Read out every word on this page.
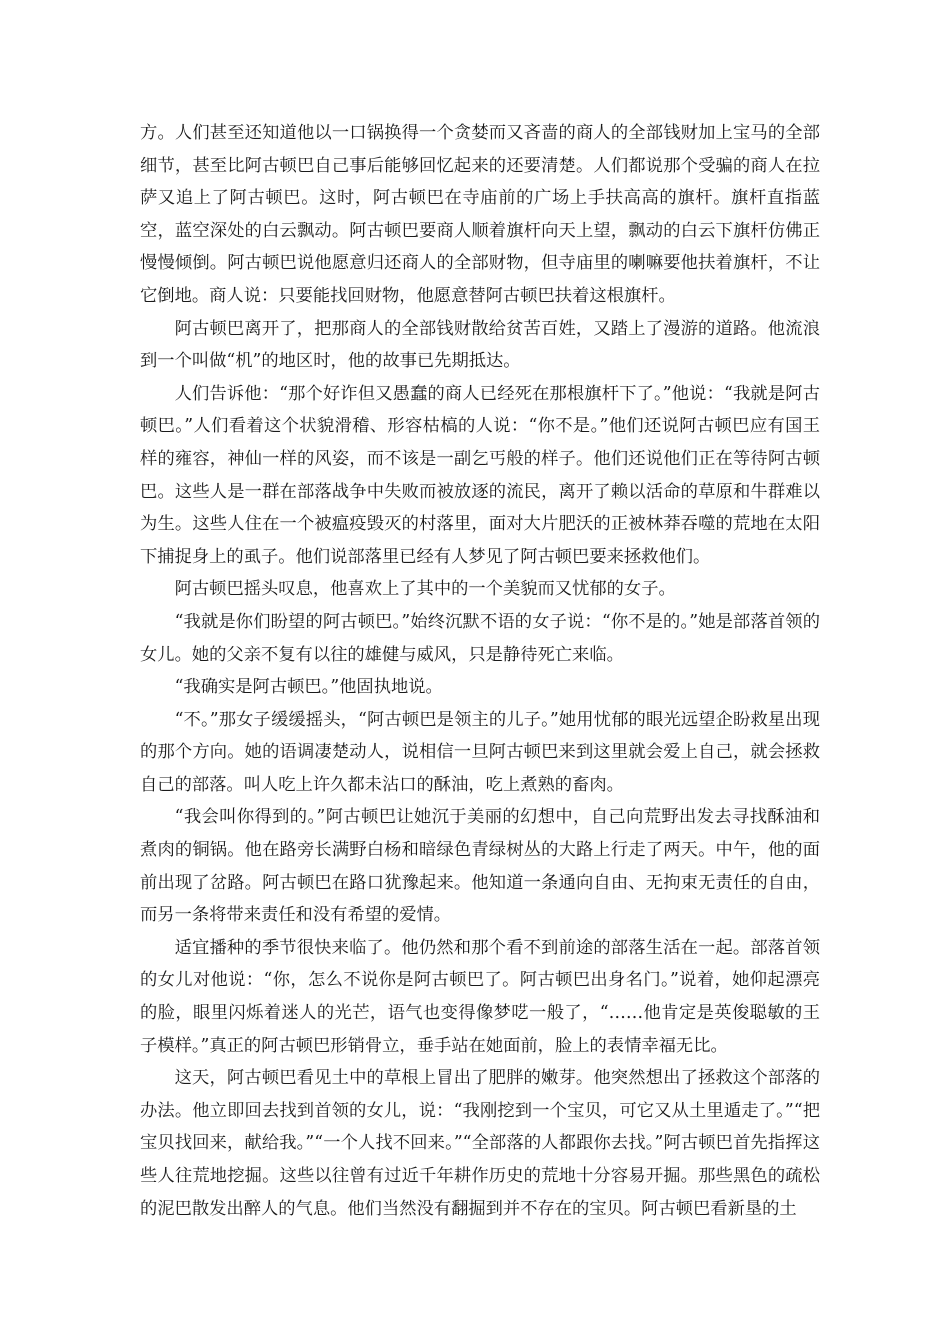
方。人们甚至还知道他以一口锅换得一个贪婪而又吝啬的商人的全部钱财加上宝马的全部细节，甚至比阿古顿巴自己事后能够回忆起来的还要清楚。人们都说那个受骗的商人在拉萨又追上了阿古顿巴。这时，阿古顿巴在寺庙前的广场上手扶高高的旗杆。旗杆直指蓝空，蓝空深处的白云飘动。阿古顿巴要商人顺着旗杆向天上望，飘动的白云下旗杆仿佛正慢慢倾倒。阿古顿巴说他愿意归还商人的全部财物，但寺庙里的喇嘛要他扶着旗杆，不让它倒地。商人说：只要能找回财物，他愿意替阿古顿巴扶着这根旗杆。

阿古顿巴离开了，把那商人的全部钱财散给贫苦百姓，又踏上了漫游的道路。他流浪到一个叫做“机”的地区时，他的故事已先期抵达。

人们告诉他：“那个好诈但又愚蠢的商人已经死在那根旗杆下了。”他说：“我就是阿古顿巴。”人们看着这个状貌滑稽、形容枯槁的人说：“你不是。”他们还说阿古顿巴应有国王样的雍容，神仙一样的风姿，而不该是一副乞丐般的样子。他们还说他们正在等待阿古顿巴。这些人是一群在部落战争中失败而被放逐的流民，离开了赖以活命的草原和牛群难以为生。这些人住在一个被瘟疫毁灭的村落里，面对大片肥沃的正被林莽吞噬的荒地在太阳下捕捉身上的虱子。他们说部落里已经有人梦见了阿古顿巴要来拯救他们。

阿古顿巴摇头叹息，他喜欢上了其中的一个美貌而又忧郁的女子。

“我就是你们盼望的阿古顿巴。”始终沉默不语的女子说：“你不是的。”她是部落首领的女儿。她的父亲不复有以往的雄健与威风，只是静待死亡来临。

“我确实是阿古顿巴。”他固执地说。

“不。”那女子缓缓摇头，“阿古顿巴是领主的儿子。”她用忧郁的眼光远望企盼救星出现的那个方向。她的语调凄楚动人，说相信一旦阿古顿巴来到这里就会爱上自己，就会拯救自己的部落。叫人吃上许久都未沾口的酥油，吃上煮熟的畜肉。

“我会叫你得到的。”阿古顿巴让她沉于美丽的幻想中，自己向荒野出发去寻找酥油和煮肉的铜锅。他在路旁长满野白杨和暗绿色青绿树丛的大路上行走了两天。中午，他的面前出现了岔路。阿古顿巴在路口犹豫起来。他知道一条通向自由、无拘束无责任的自由，而另一条将带来责任和没有希望的爱情。

适宜播种的季节很快来临了。他仍然和那个看不到前途的部落生活在一起。部落首领的女儿对他说：“你，怎么不说你是阿古顿巴了。阿古顿巴出身名门。”说着，她仰起漂亮的脸，眼里闪烁着迷人的光芒，语气也变得像梦呓一般了，“……他肯定是英俊聪敏的王子模样。”真正的阿古顿巴形销骨立，垂手站在她面前，脸上的表情幸福无比。

这天，阿古顿巴看见土中的草根上冒出了肥胖的嫩芽。他突然想出了拯救这个部落的办法。他立即回去找到首领的女儿，说：“我刚挖到一个宝贝，可它又从土里遁走了。”“把宝贝找回来，献给我。”“一个人找不回来。”“全部落的人都跟你去找。”阿古顿巴首先指挥这些人往荒地挖掘。这些以往曾有过近千年耕作历史的荒地十分容易开掘。那些黑色的疏松的泥巴散发出醉人的气息。他们当然没有翻掘到并不存在的宝贝。阿古顿巴看新垦的土
